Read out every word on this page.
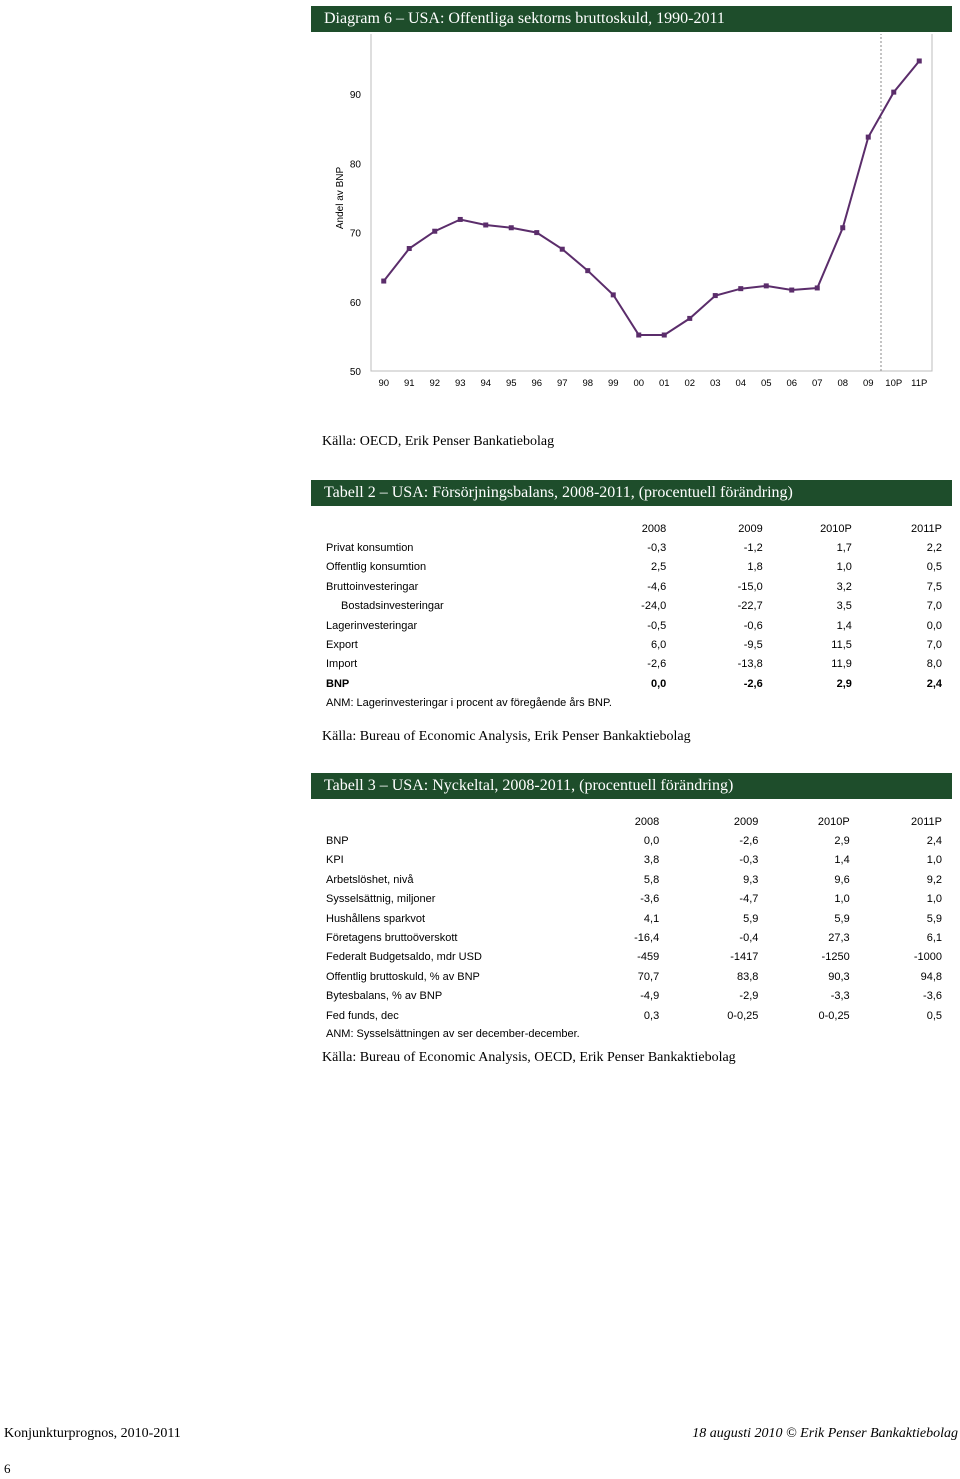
Diagram 6 – USA: Offentliga sektorns bruttoskuld, 1990-2011
50
60
70
80
90
90 91 92 93 94 95 96 97 98 99 00 01 02 03 04 05 06 07 08 09 10P 11P
Andel av BNP
Källa: OECD, Erik Penser Bankatiebolag
Tabell 2 – USA: Försörjningsbalans, 2008-2011, (procentuell förändring)
	2008	2009	2010P	2011P
Privat konsumtion	-0,3	-1,2	1,7	2,2
Offentlig konsumtion	2,5	1,8	1,0	0,5
Bruttoinvesteringar	-4,6	-15,0	3,2	7,5
Bostadsinvesteringar	-24,0	-22,7	3,5	7,0
Lagerinvesteringar	-0,5	-0,6	1,4	0,0
Export	6,0	-9,5	11,5	7,0
Import	-2,6	-13,8	11,9	8,0
BNP	0,0	-2,6	2,9	2,4
ANM: Lagerinvesteringar i procent av föregående års BNP.
Källa: Bureau of Economic Analysis, Erik Penser Bankaktiebolag
Tabell 3 – USA: Nyckeltal, 2008-2011, (procentuell förändring)
	2008	2009	2010P	2011P
BNP	0,0	-2,6	2,9	2,4
KPI	3,8	-0,3	1,4	1,0
Arbetslöshet, nivå	5,8	9,3	9,6	9,2
Sysselsättnig, miljoner	-3,6	-4,7	1,0	1,0
Hushållens sparkvot	4,1	5,9	5,9	5,9
Företagens bruttoöverskott	-16,4	-0,4	27,3	6,1
Federalt Budgetsaldo, mdr USD	-459	-1417	-1250	-1000
Offentlig bruttoskuld, % av BNP	70,7	83,8	90,3	94,8
Bytesbalans, % av BNP	-4,9	-2,9	-3,3	-3,6
Fed funds, dec	0,3	0-0,25	0-0,25	0,5
ANM: Sysselsättningen av ser december-december.
Källa: Bureau of Economic Analysis, OECD, Erik Penser Bankaktiebolag
Konjunkturprognos, 2010-2011	18 augusti 2010 © Erik Penser Bankaktiebolag
6
